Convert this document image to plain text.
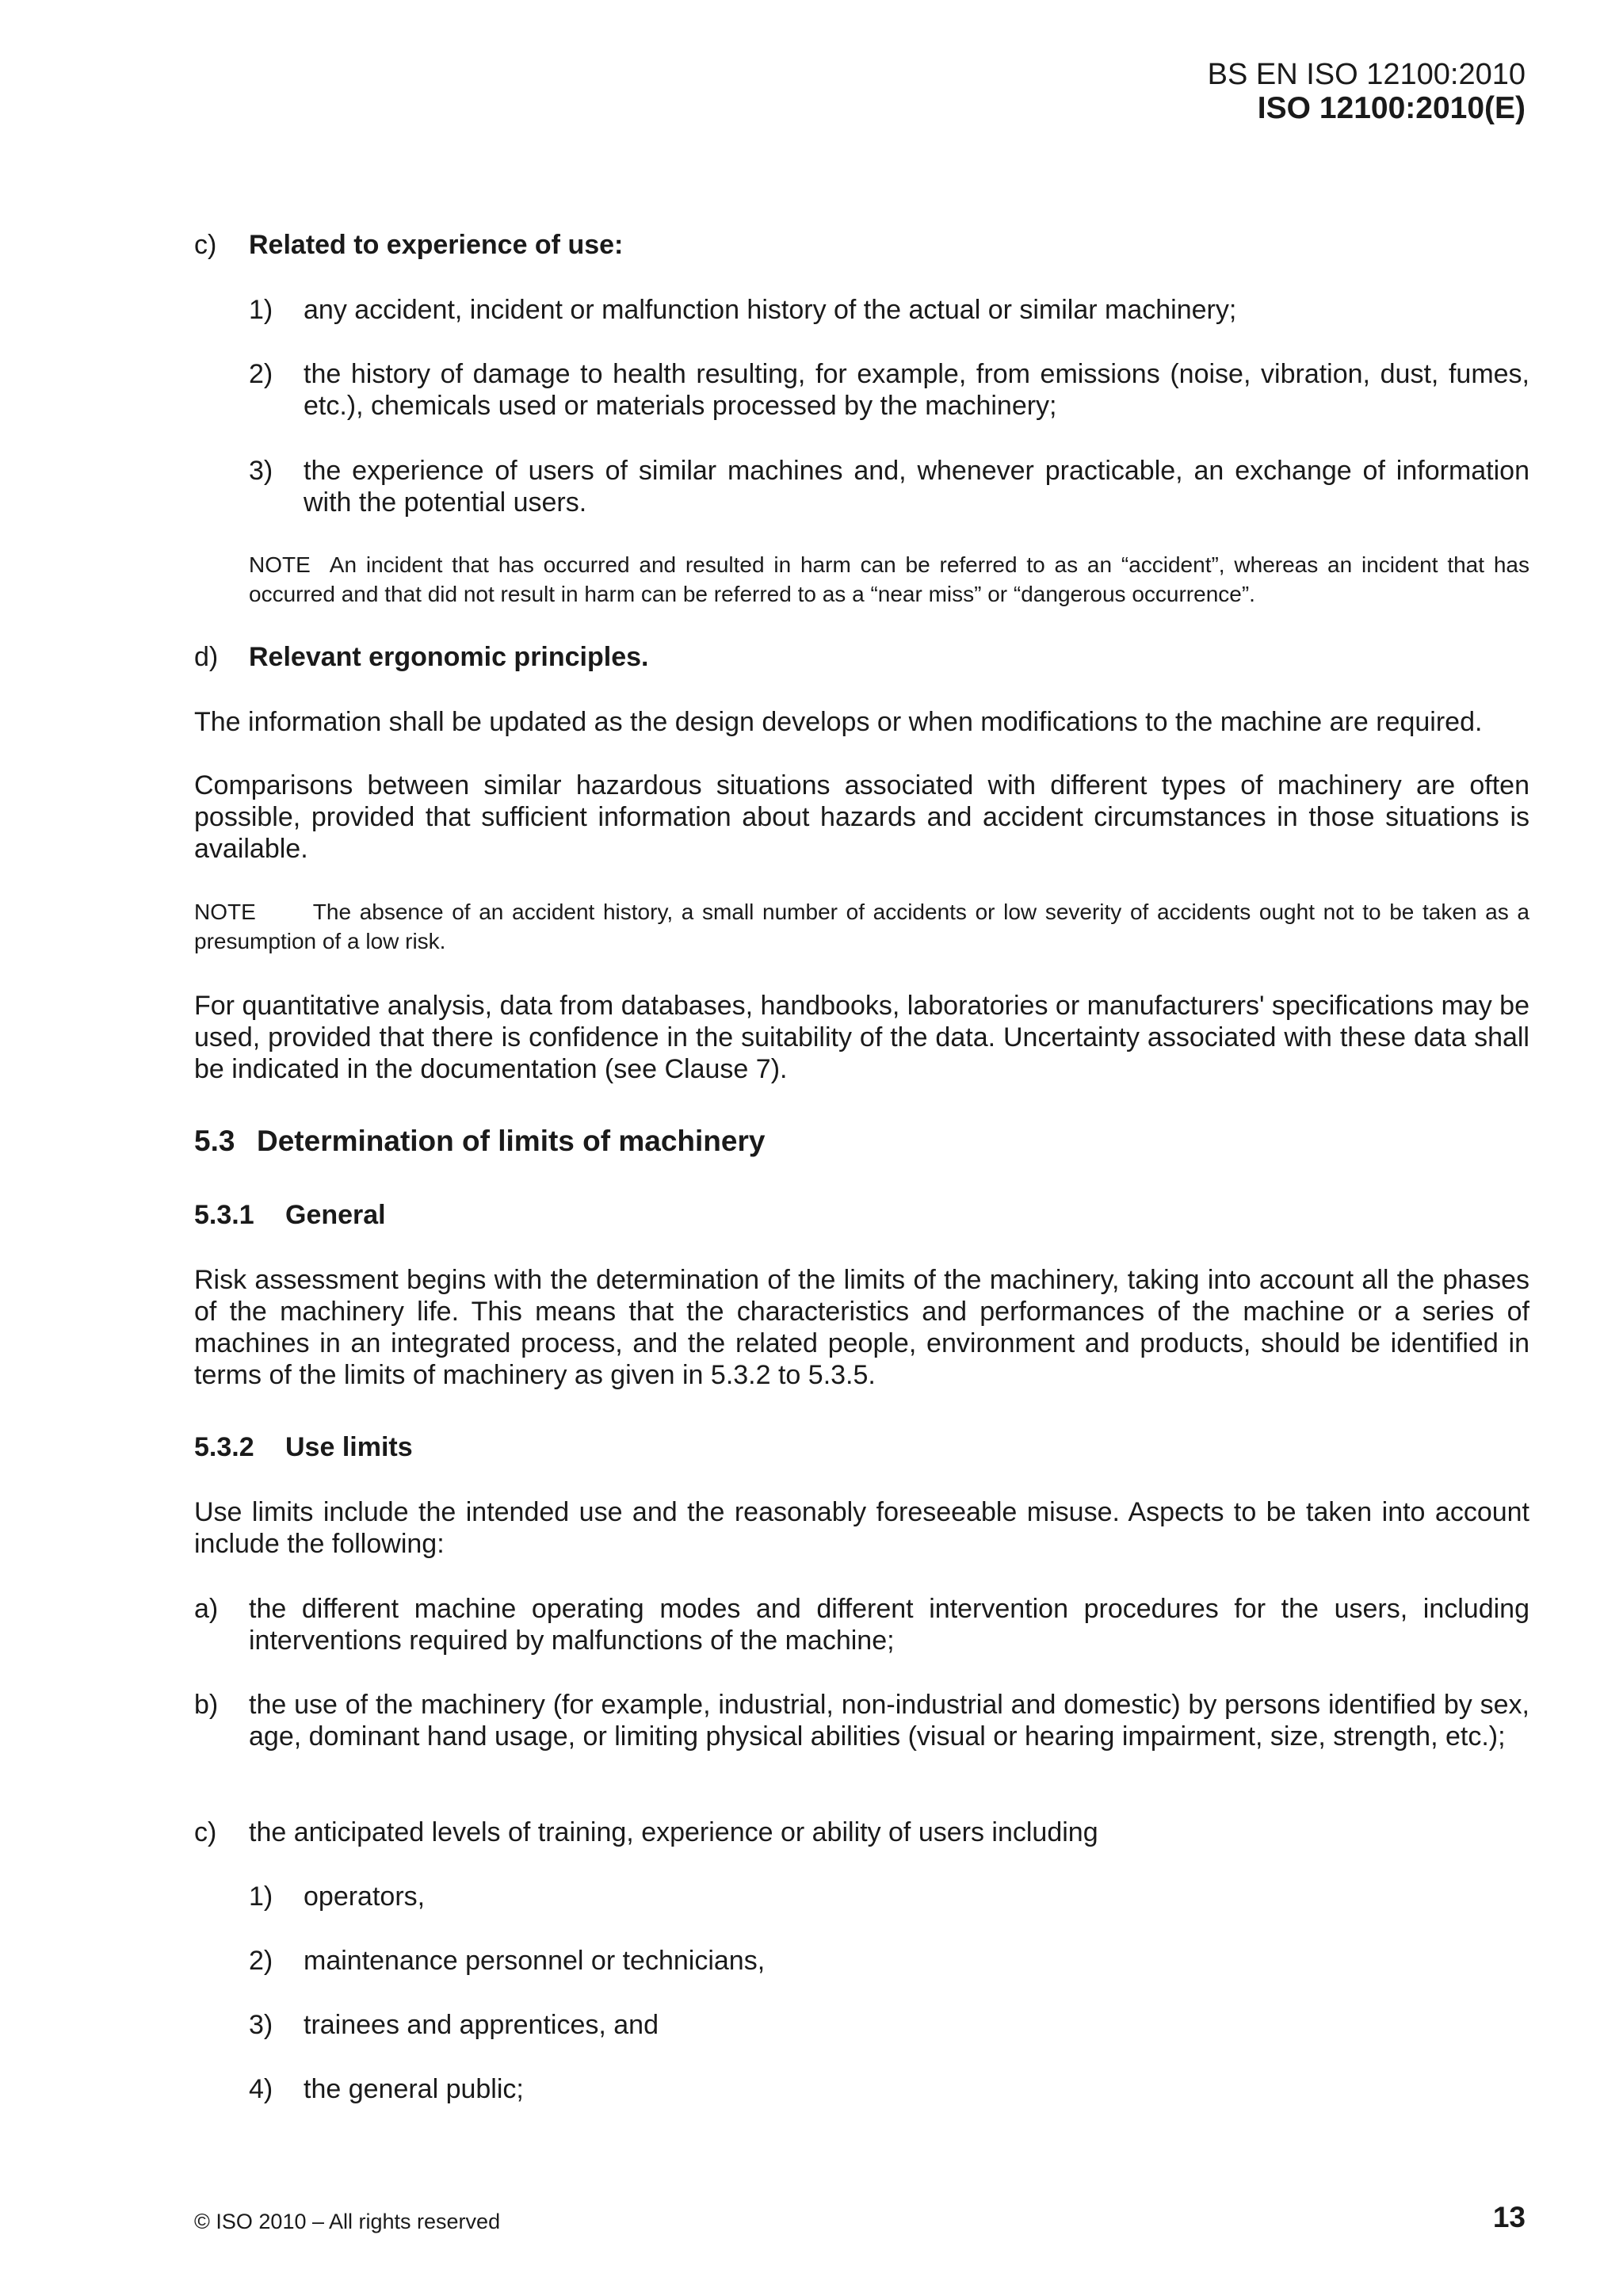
BS EN ISO 12100:2010
ISO 12100:2010(E)
c) Related to experience of use:
1) any accident, incident or malfunction history of the actual or similar machinery;
2) the history of damage to health resulting, for example, from emissions (noise, vibration, dust, fumes, etc.), chemicals used or materials processed by the machinery;
3) the experience of users of similar machines and, whenever practicable, an exchange of information with the potential users.
NOTE An incident that has occurred and resulted in harm can be referred to as an “accident”, whereas an incident that has occurred and that did not result in harm can be referred to as a “near miss” or “dangerous occurrence”.
d) Relevant ergonomic principles.
The information shall be updated as the design develops or when modifications to the machine are required.
Comparisons between similar hazardous situations associated with different types of machinery are often possible, provided that sufficient information about hazards and accident circumstances in those situations is available.
NOTE	The absence of an accident history, a small number of accidents or low severity of accidents ought not to be taken as a presumption of a low risk.
For quantitative analysis, data from databases, handbooks, laboratories or manufacturers' specifications may be used, provided that there is confidence in the suitability of the data. Uncertainty associated with these data shall be indicated in the documentation (see Clause 7).
5.3 Determination of limits of machinery
5.3.1 General
Risk assessment begins with the determination of the limits of the machinery, taking into account all the phases of the machinery life. This means that the characteristics and performances of the machine or a series of machines in an integrated process, and the related people, environment and products, should be identified in terms of the limits of machinery as given in 5.3.2 to 5.3.5.
5.3.2 Use limits
Use limits include the intended use and the reasonably foreseeable misuse. Aspects to be taken into account include the following:
a) the different machine operating modes and different intervention procedures for the users, including interventions required by malfunctions of the machine;
b) the use of the machinery (for example, industrial, non-industrial and domestic) by persons identified by sex, age, dominant hand usage, or limiting physical abilities (visual or hearing impairment, size, strength, etc.);
c) the anticipated levels of training, experience or ability of users including
1) operators,
2) maintenance personnel or technicians,
3) trainees and apprentices, and
4) the general public;
© ISO 2010 – All rights reserved	13
